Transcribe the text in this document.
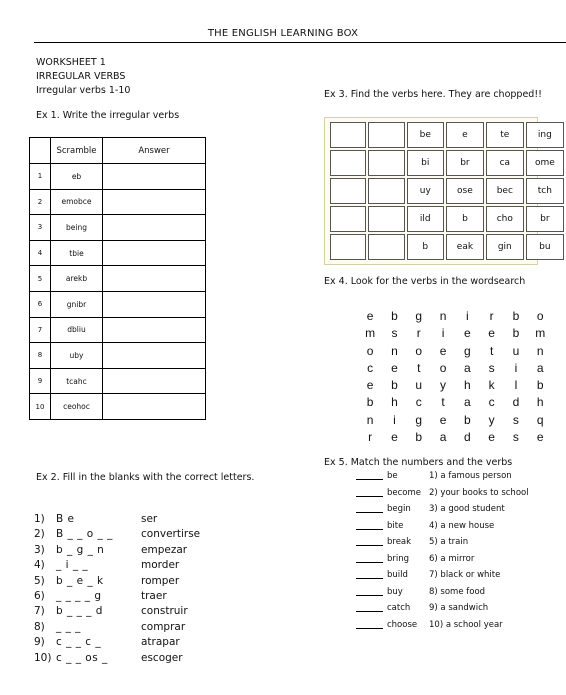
THE ENGLISH LEARNING BOX
WORKSHEET 1
IRREGULAR VERBS
Irregular verbs 1-10
Ex 1. Write the irregular verbs
	Scramble	Answer
1	eb	
2	emobce	
3	being	
4	tbie	
5	arekb	
6	gnibr	
7	dbliu	
8	uby	
9	tcahc	
10	ceohoc	
Ex 2. Fill in the blanks with the correct letters.
1) B e	ser
2) B _ _ o _ _	convertirse
3) b _ g _ n	empezar
4) _ i _ _	morder
5) b _ e _ k	romper
6) _ _ _ _ g	traer
7) b _ _ _ d	construir
8) _ _ _	comprar
9) c _ _ c _	atrapar
10) c _ _ os _	escoger
Ex 3. Find the verbs here. They are chopped!!
		be	e	te	ing
		bi	br	ca	ome
		uy	ose	bec	tch
		ild	b	cho	br
		b	eak	gin	bu
Ex 4. Look for the verbs in the wordsearch
e b g n i r b o
m s r i e e b m
o n o e g t u n
c e t o a s i a
e b u y h k l b
b h c t a c d h
n i g e b y s q
r e b a d e s e
Ex 5. Match the numbers and the verbs
be	1) a famous person
become 2) your books to school
begin 3) a good student
bite	4) a new house
break 5) a train
bring 6) a mirror
build 7) black or white
buy	8) some food
catch 9) a sandwich
choose 10) a school year
